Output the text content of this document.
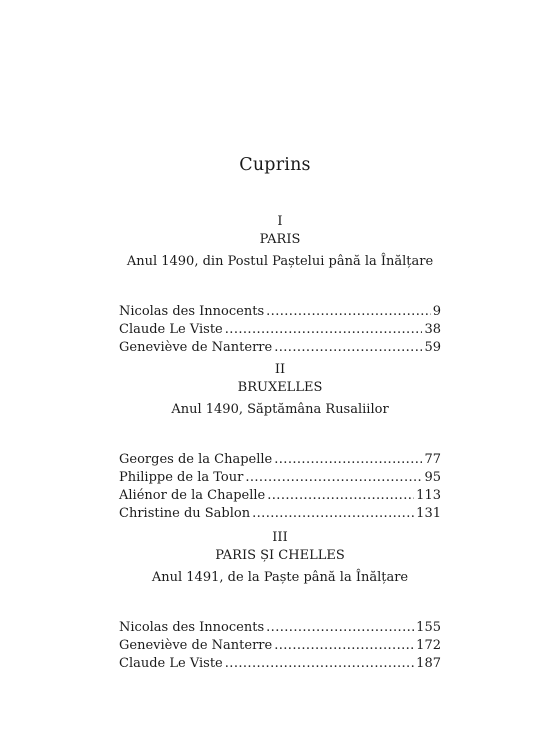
Cuprins
I
PARIS
Anul 1490, din Postul Paștelui până la Înălțare
Nicolas des Innocents .....	9
Claude Le Viste .....	38
Geneviève de Nanterre .....	59
II
BRUXELLES
Anul 1490, Săptămâna Rusaliilor
Georges de la Chapelle .....	77
Philippe de la Tour .....	95
Aliénor de la Chapelle .....	113
Christine du Sablon .....	131
III
PARIS ȘI CHELLES
Anul 1491, de la Paște până la Înălțare
Nicolas des Innocents .....	155
Geneviève de Nanterre .....	172
Claude Le Viste .....	187
